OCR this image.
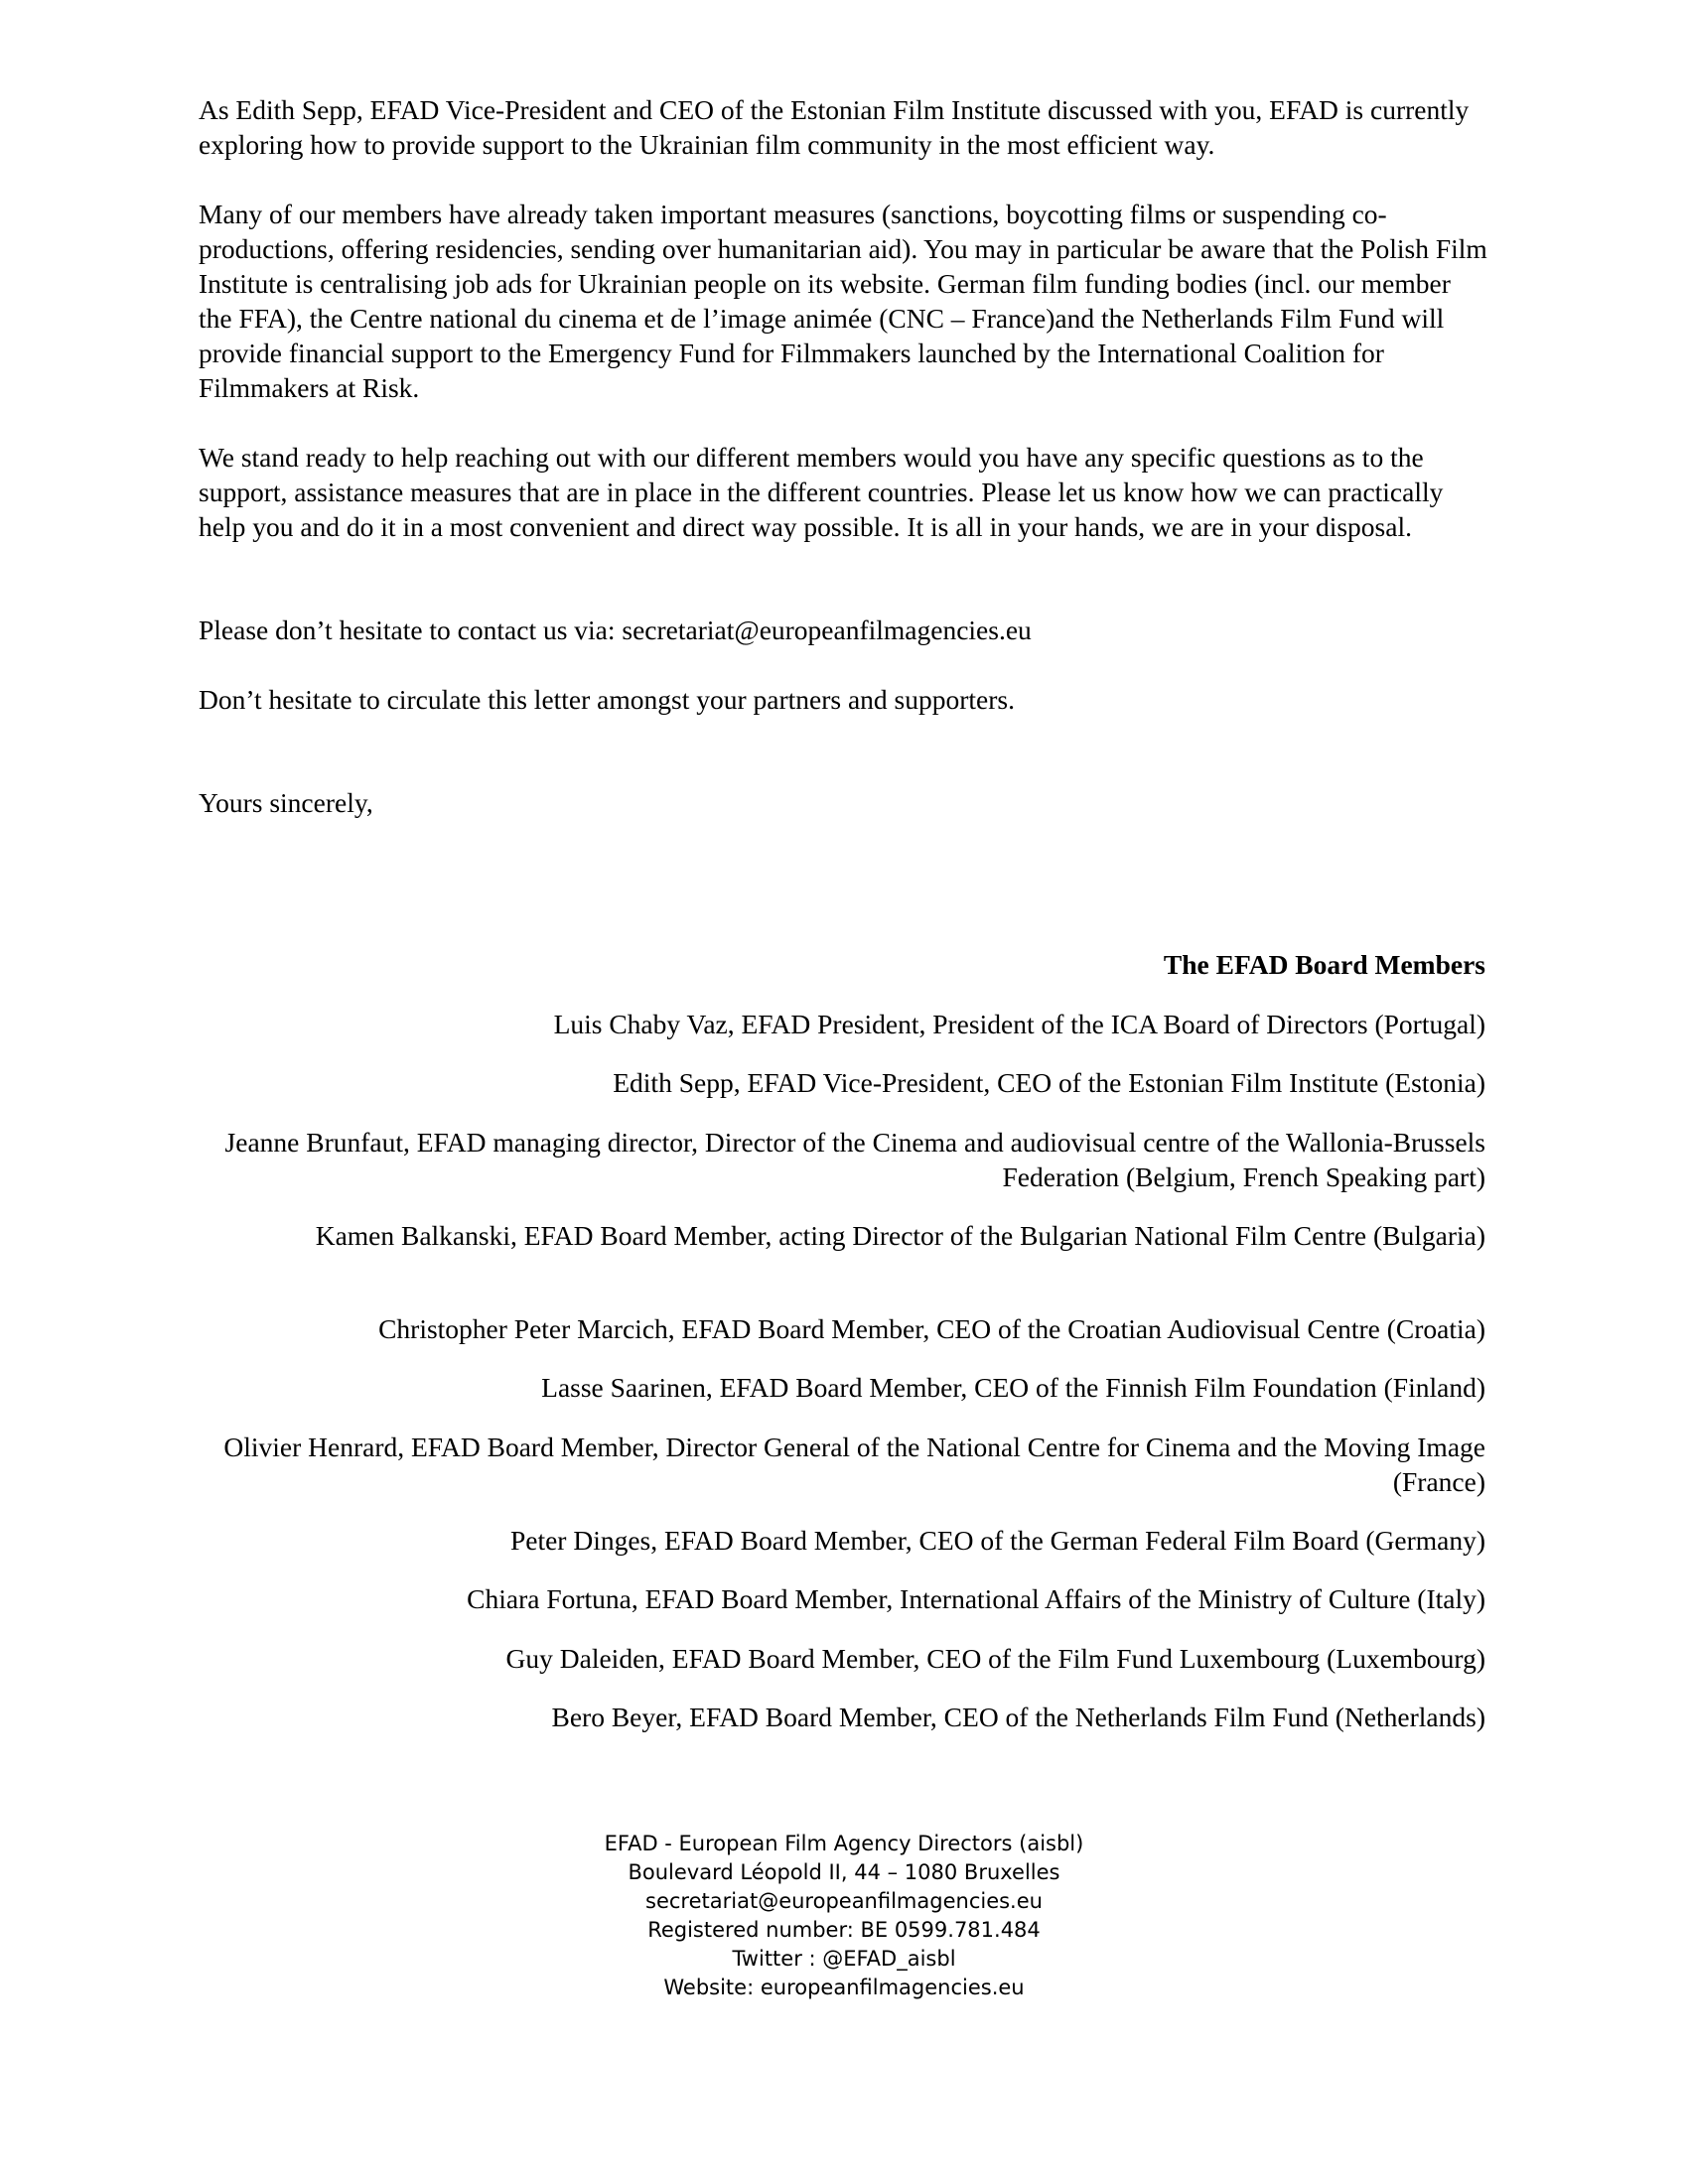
As Edith Sepp, EFAD Vice-President and CEO of the Estonian Film Institute discussed with you, EFAD is currently exploring how to provide support to the Ukrainian film community in the most efficient way.

Many of our members have already taken important measures (sanctions, boycotting films or suspending co-productions, offering residencies, sending over humanitarian aid). You may in particular be aware that the Polish Film Institute is centralising job ads for Ukrainian people on its website. German film funding bodies (incl. our member the FFA), the Centre national du cinema et de l’image animée (CNC – France)and the Netherlands Film Fund will provide financial support to the Emergency Fund for Filmmakers launched by the International Coalition for Filmmakers at Risk.

We stand ready to help reaching out with our different members would you have any specific questions as to the support, assistance measures that are in place in the different countries. Please let us know how we can practically help you and do it in a most convenient and direct way possible. It is all in your hands, we are in your disposal.

Please don’t hesitate to contact us via: secretariat@europeanfilmagencies.eu

Don’t hesitate to circulate this letter amongst your partners and supporters.

Yours sincerely,
The EFAD Board Members
Luis Chaby Vaz, EFAD President, President of the ICA Board of Directors (Portugal)
Edith Sepp, EFAD Vice-President, CEO of the Estonian Film Institute (Estonia)
Jeanne Brunfaut, EFAD managing director, Director of the Cinema and audiovisual centre of the Wallonia-Brussels Federation (Belgium, French Speaking part)
Kamen Balkanski, EFAD Board Member, acting Director of the Bulgarian National Film Centre (Bulgaria)
Christopher Peter Marcich, EFAD Board Member, CEO of the Croatian Audiovisual Centre (Croatia)
Lasse Saarinen, EFAD Board Member, CEO of the Finnish Film Foundation (Finland)
Olivier Henrard, EFAD Board Member, Director General of the National Centre for Cinema and the Moving Image (France)
Peter Dinges, EFAD Board Member, CEO of the German Federal Film Board (Germany)
Chiara Fortuna, EFAD Board Member, International Affairs of the Ministry of Culture (Italy)
Guy Daleiden, EFAD Board Member, CEO of the Film Fund Luxembourg (Luxembourg)
Bero Beyer, EFAD Board Member, CEO of the Netherlands Film Fund (Netherlands)
EFAD - European Film Agency Directors (aisbl)
Boulevard Léopold II, 44 – 1080 Bruxelles
secretariat@europeanfilmagencies.eu
Registered number: BE 0599.781.484
Twitter : @EFAD_aisbl
Website: europeanfilmagencies.eu
